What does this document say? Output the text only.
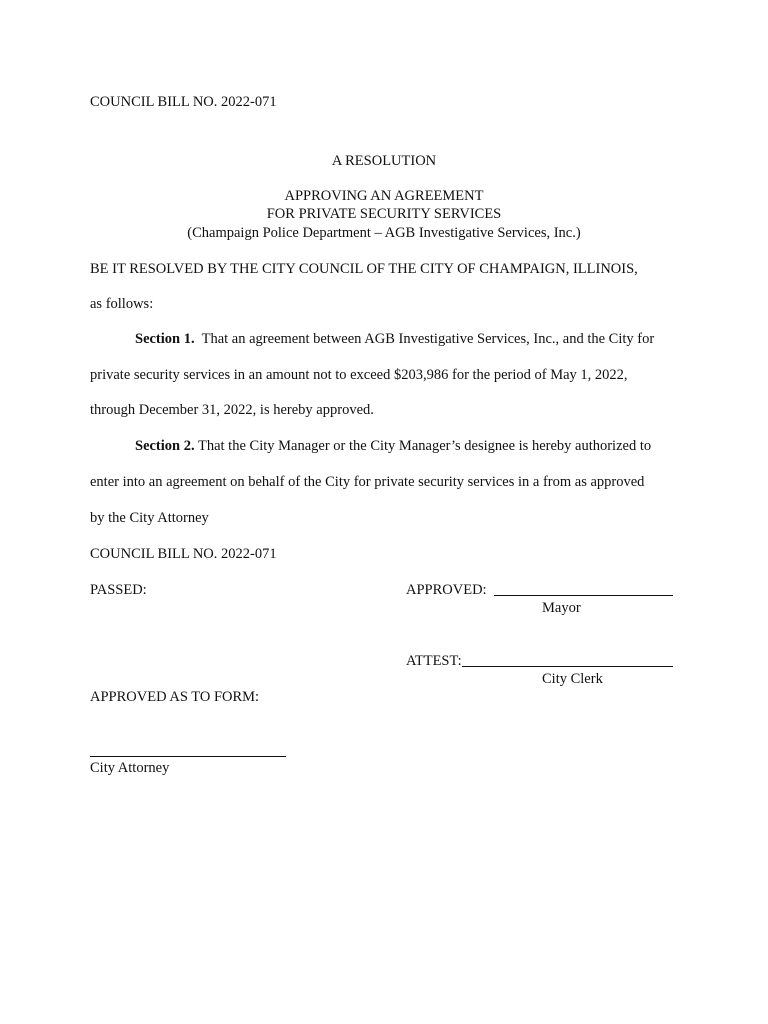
COUNCIL BILL NO. 2022-071
A RESOLUTION
APPROVING AN AGREEMENT
FOR PRIVATE SECURITY SERVICES
(Champaign Police Department – AGB Investigative Services, Inc.)
BE IT RESOLVED BY THE CITY COUNCIL OF THE CITY OF CHAMPAIGN, ILLINOIS,
as follows:
Section 1. That an agreement between AGB Investigative Services, Inc., and the City for
private security services in an amount not to exceed $203,986 for the period of May 1, 2022,
through December 31, 2022, is hereby approved.
Section 2. That the City Manager or the City Manager’s designee is hereby authorized to
enter into an agreement on behalf of the City for private security services in a from as approved
by the City Attorney
COUNCIL BILL NO. 2022-071
PASSED:	APPROVED:
Mayor
ATTEST:
City Clerk
APPROVED AS TO FORM:
City Attorney
